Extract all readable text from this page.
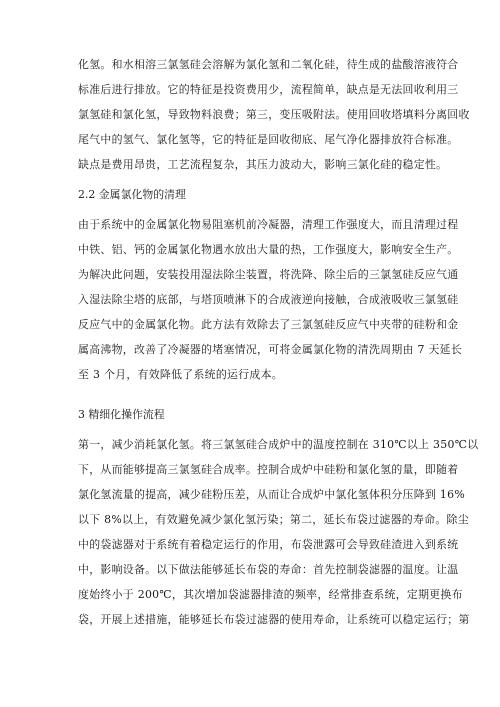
化氢。和水相溶三氯氢硅会溶解为氯化氢和二氧化硅，待生成的盐酸溶液符合
标准后进行排放。它的特征是投资费用少，流程简单，缺点是无法回收利用三
氯氢硅和氯化氢，导致物料浪费；第三，变压吸附法。使用回收塔填料分离回收
尾气中的氢气、氯化氢等，它的特征是回收彻底、尾气净化器排放符合标准。
缺点是费用昂贵，工艺流程复杂，其压力波动大，影响三氯化硅的稳定性。
2.2 金属氯化物的清理
由于系统中的金属氯化物易阻塞机前冷凝器，清理工作强度大，而且清理过程
中铁、铝、钙的金属氯化物遇水放出大量的热，工作强度大，影响安全生产。
为解决此问题，安装投用湿法除尘装置，将洗降、除尘后的三氯氢硅反应气通
入湿法除尘塔的底部，与塔顶喷淋下的合成液逆向接触，合成液吸收三氯氢硅
反应气中的金属氯化物。此方法有效除去了三氯氢硅反应气中夹带的硅粉和金
属高沸物，改善了冷凝器的堵塞情况，可将金属氯化物的清洗周期由 7 天延长
至 3 个月，有效降低了系统的运行成本。
3 精细化操作流程
第一，减少消耗氯化氢。将三氯氢硅合成炉中的温度控制在 310℃以上 350℃以
下，从而能够提高三氯氢硅合成率。控制合成炉中硅粉和氯化氢的量，即随着
氯化氢流量的提高，减少硅粉压差，从而让合成炉中氯化氢体积分压降到 16%
以下 8%以上，有效避免减少氯化氢污染；第二，延长布袋过滤器的寿命。除尘
中的袋滤器对于系统有着稳定运行的作用，布袋泄露可会导致硅渣进入到系统
中，影响设备。以下做法能够延长布袋的寿命：首先控制袋滤器的温度。让温
度始终小于 200℃，其次增加袋滤器排渣的频率，经常排查系统，定期更换布
袋，开展上述措施，能够延长布袋过滤器的使用寿命，让系统可以稳定运行；第
